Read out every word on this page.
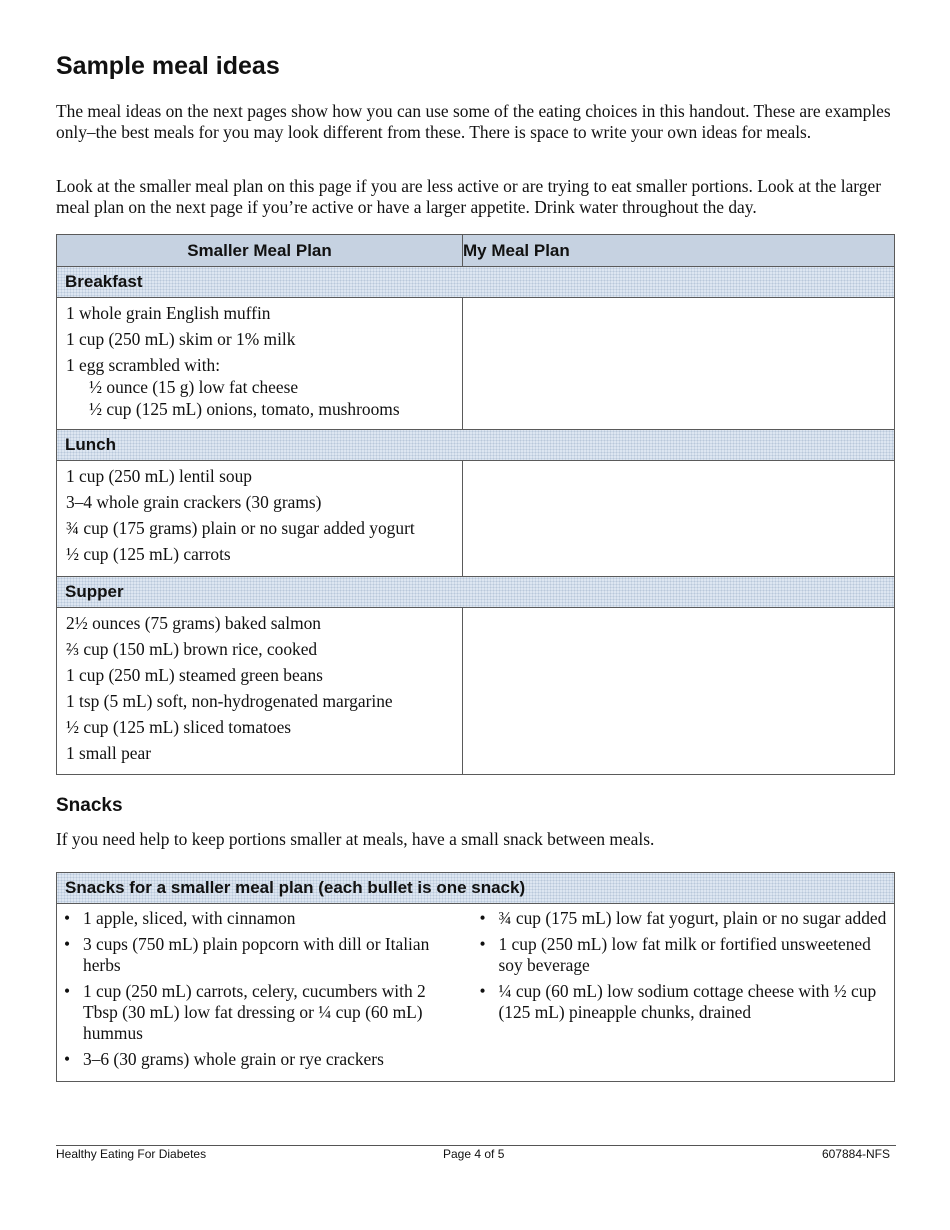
Sample meal ideas

The meal ideas on the next pages show how you can use some of the eating choices in this handout. These are examples only–the best meals for you may look different from these. There is space to write your own ideas for meals.

Look at the smaller meal plan on this page if you are less active or are trying to eat smaller portions. Look at the larger meal plan on the next page if you’re active or have a larger appetite. Drink water throughout the day.

Smaller Meal Plan	My Meal Plan
Breakfast
1 whole grain English muffin
1 cup (250 mL) skim or 1% milk
1 egg scrambled with:
½ ounce (15 g) low fat cheese
½ cup (125 mL) onions, tomato, mushrooms
Lunch
1 cup (250 mL) lentil soup
3–4 whole grain crackers (30 grams)
¾ cup (175 grams) plain or no sugar added yogurt
½ cup (125 mL) carrots
Supper
2½ ounces (75 grams) baked salmon
⅔ cup (150 mL) brown rice, cooked
1 cup (250 mL) steamed green beans
1 tsp (5 mL) soft, non-hydrogenated margarine
½ cup (125 mL) sliced tomatoes
1 small pear
Snacks

If you need help to keep portions smaller at meals, have a small snack between meals.

Snacks for a smaller meal plan (each bullet is one snack)
• 1 apple, sliced, with cinnamon
• 3 cups (750 mL) plain popcorn with dill or Italian herbs
• 1 cup (250 mL) carrots, celery, cucumbers with 2 Tbsp (30 mL) low fat dressing or ¼ cup (60 mL) hummus
• 3–6 (30 grams) whole grain or rye crackers
• ¾ cup (175 mL) low fat yogurt, plain or no sugar added
• 1 cup (250 mL) low fat milk or fortified unsweetened soy beverage
• ¼ cup (60 mL) low sodium cottage cheese with ½ cup (125 mL) pineapple chunks, drained
Healthy Eating For Diabetes	Page 4 of 5	607884-NFS
